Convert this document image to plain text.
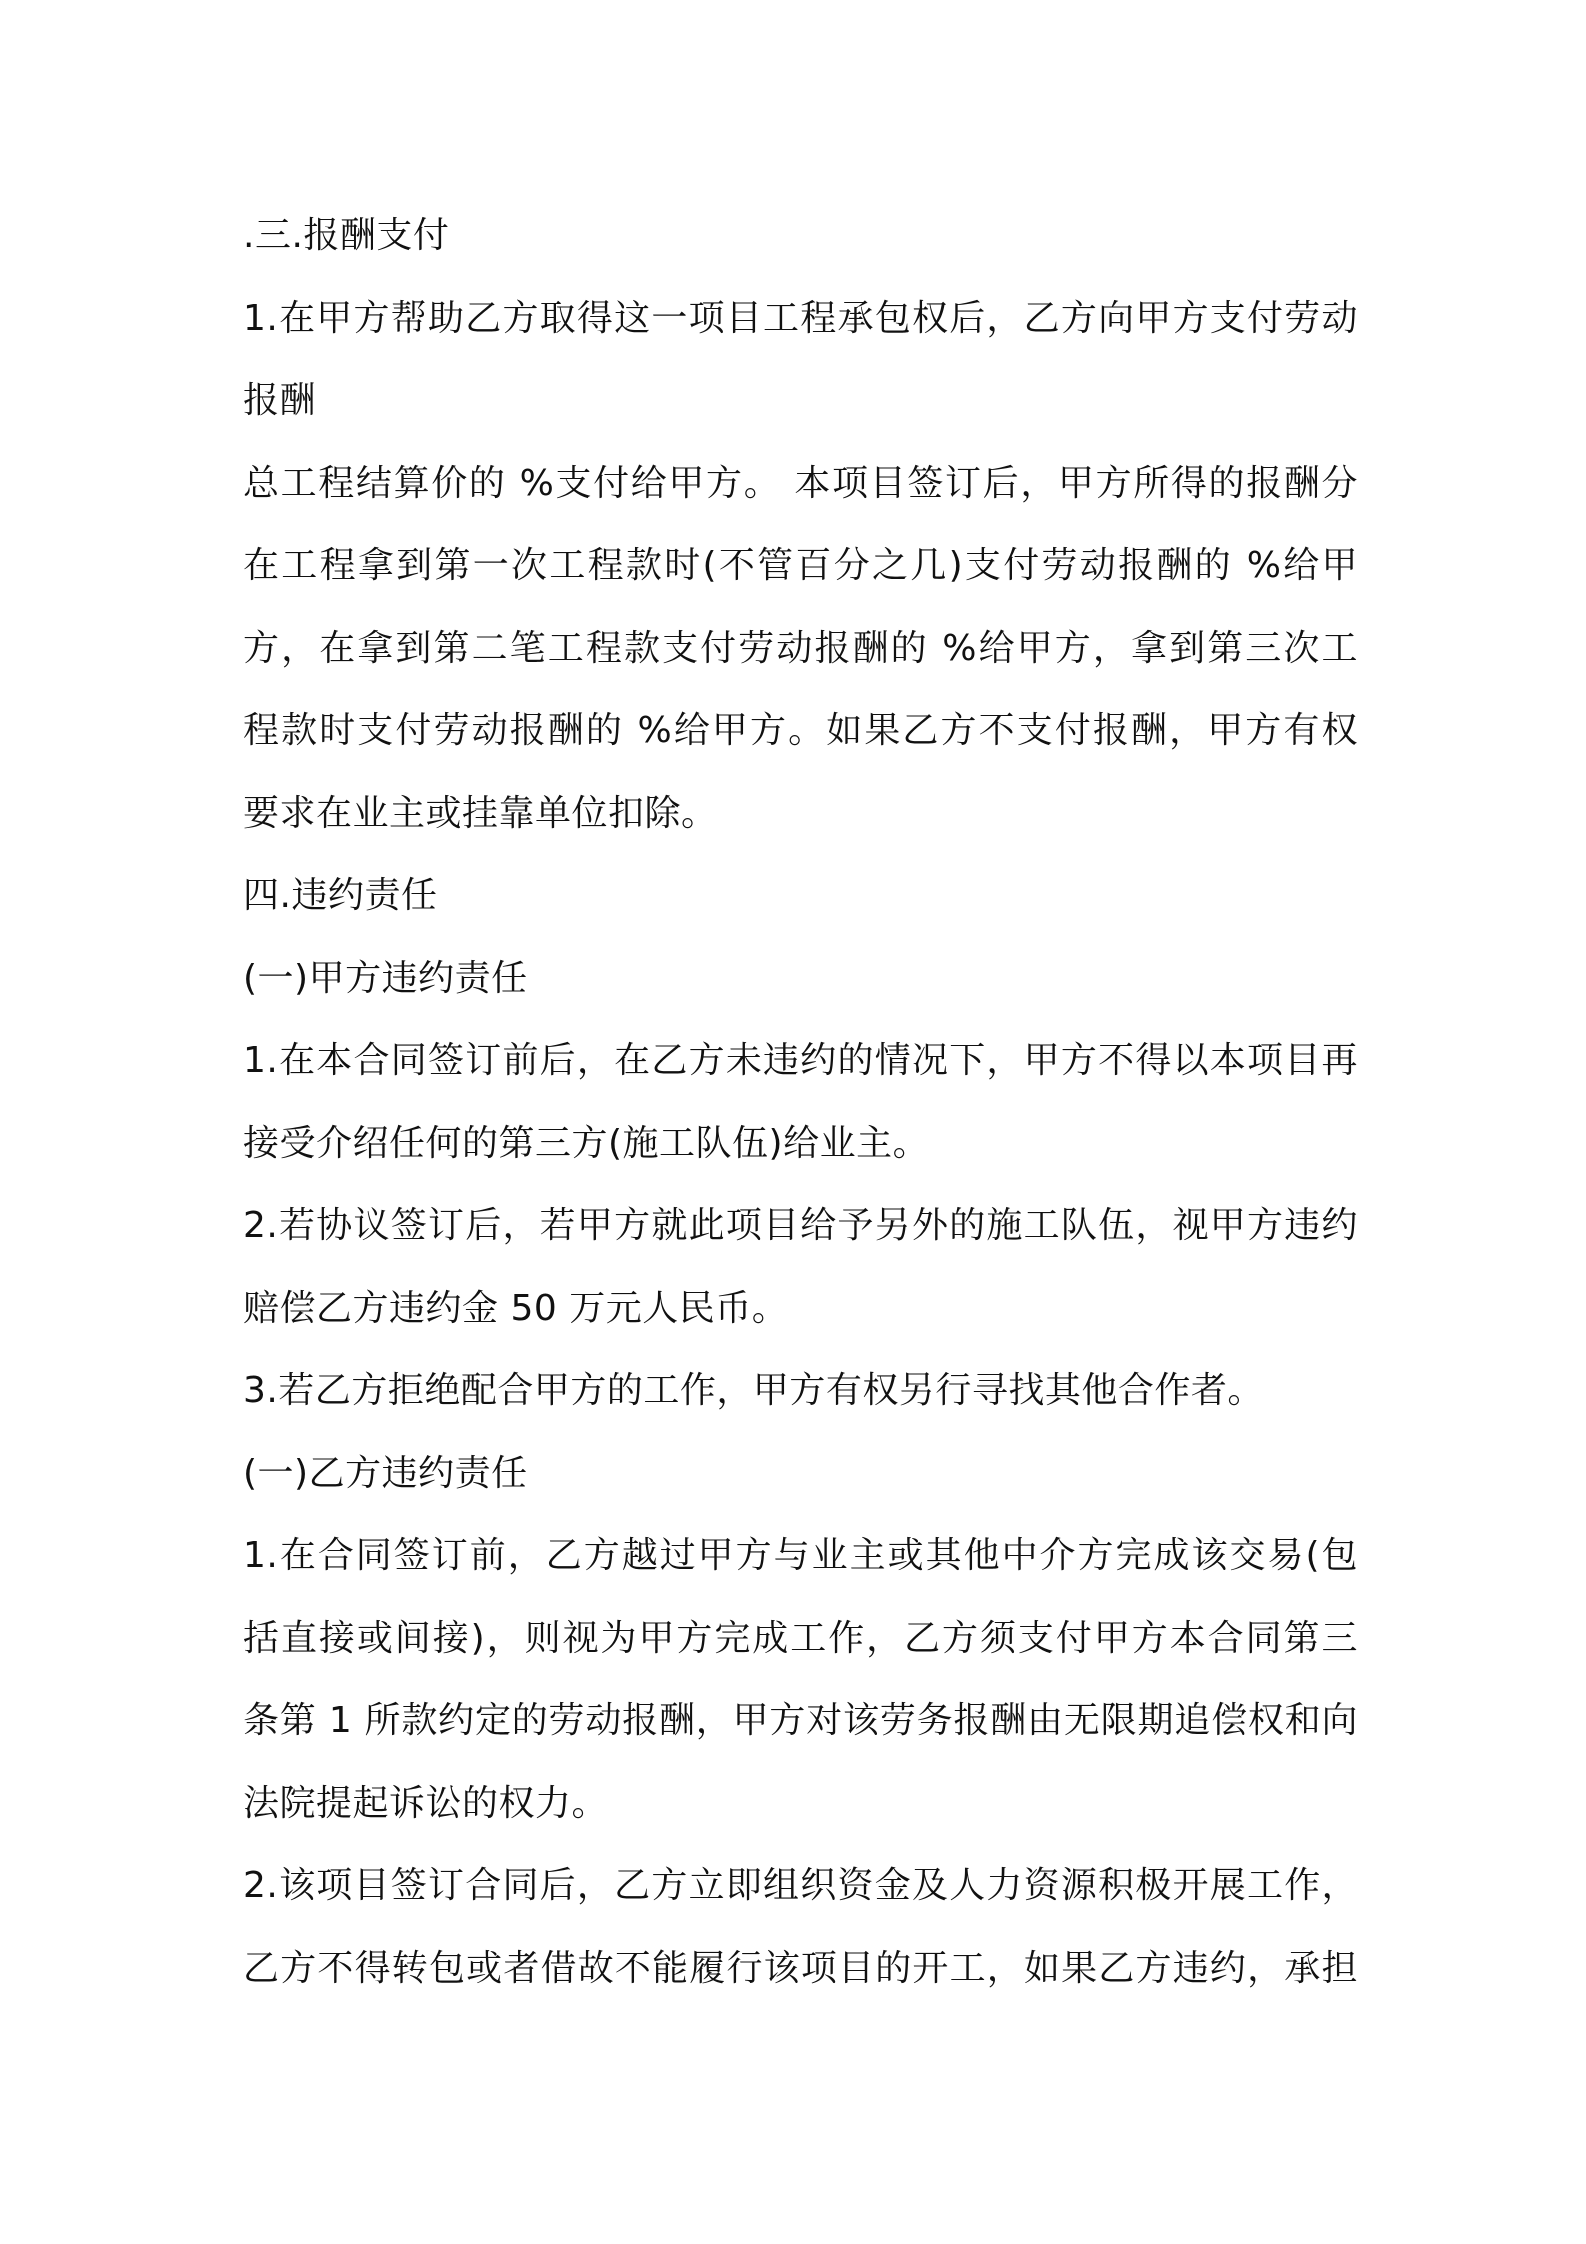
.三.报酬支付
1.在甲方帮助乙方取得这一项目工程承包权后，乙方向甲方支付劳动
报酬
总工程结算价的 %支付给甲方。 本项目签订后，甲方所得的报酬分
在工程拿到第一次工程款时(不管百分之几)支付劳动报酬的 %给甲
方，在拿到第二笔工程款支付劳动报酬的 %给甲方，拿到第三次工
程款时支付劳动报酬的 %给甲方。如果乙方不支付报酬，甲方有权
要求在业主或挂靠单位扣除。
四.违约责任
(一)甲方违约责任
1.在本合同签订前后，在乙方未违约的情况下，甲方不得以本项目再
接受介绍任何的第三方(施工队伍)给业主。
2.若协议签订后，若甲方就此项目给予另外的施工队伍，视甲方违约
赔偿乙方违约金 50 万元人民币。
3.若乙方拒绝配合甲方的工作，甲方有权另行寻找其他合作者。
(一)乙方违约责任
1.在合同签订前，乙方越过甲方与业主或其他中介方完成该交易(包
括直接或间接)，则视为甲方完成工作，乙方须支付甲方本合同第三
条第 1 所款约定的劳动报酬，甲方对该劳务报酬由无限期追偿权和向
法院提起诉讼的权力。
2.该项目签订合同后，乙方立即组织资金及人力资源积极开展工作，
乙方不得转包或者借故不能履行该项目的开工，如果乙方违约，承担
